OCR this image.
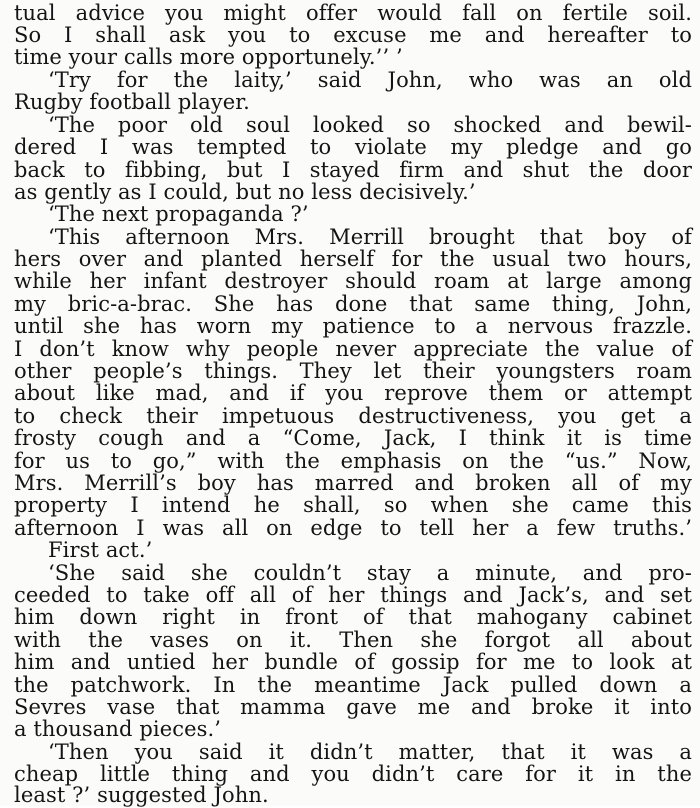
tual advice you might offer would fall on fertile soil.
So I shall ask you to excuse me and hereafter to
time your calls more opportunely.’’ ’
‘Try for the laity,’ said John, who was an old
Rugby football player.
‘The poor old soul looked so shocked and bewil-
dered I was tempted to violate my pledge and go
back to fibbing, but I stayed firm and shut the door
as gently as I could, but no less decisively.’
‘The next propaganda ?’
‘This afternoon Mrs. Merrill brought that boy of
hers over and planted herself for the usual two hours,
while her infant destroyer should roam at large among
my bric-a-brac. She has done that same thing, John,
until she has worn my patience to a nervous frazzle.
I don’t know why people never appreciate the value of
other people’s things. They let their youngsters roam
about like mad, and if you reprove them or attempt
to check their impetuous destructiveness, you get a
frosty cough and a “Come, Jack, I think it is time
for us to go,” with the emphasis on the “us.” Now,
Mrs. Merrill’s boy has marred and broken all of my
property I intend he shall, so when she came this
afternoon I was all on edge to tell her a few truths.’
First act.’
‘She said she couldn’t stay a minute, and pro-
ceeded to take off all of her things and Jack’s, and set
him down right in front of that mahogany cabinet
with the vases on it. Then she forgot all about
him and untied her bundle of gossip for me to look at
the patchwork. In the meantime Jack pulled down a
Sevres vase that mamma gave me and broke it into
a thousand pieces.’
‘Then you said it didn’t matter, that it was a
cheap little thing and you didn’t care for it in the
least ?’ suggested John.
